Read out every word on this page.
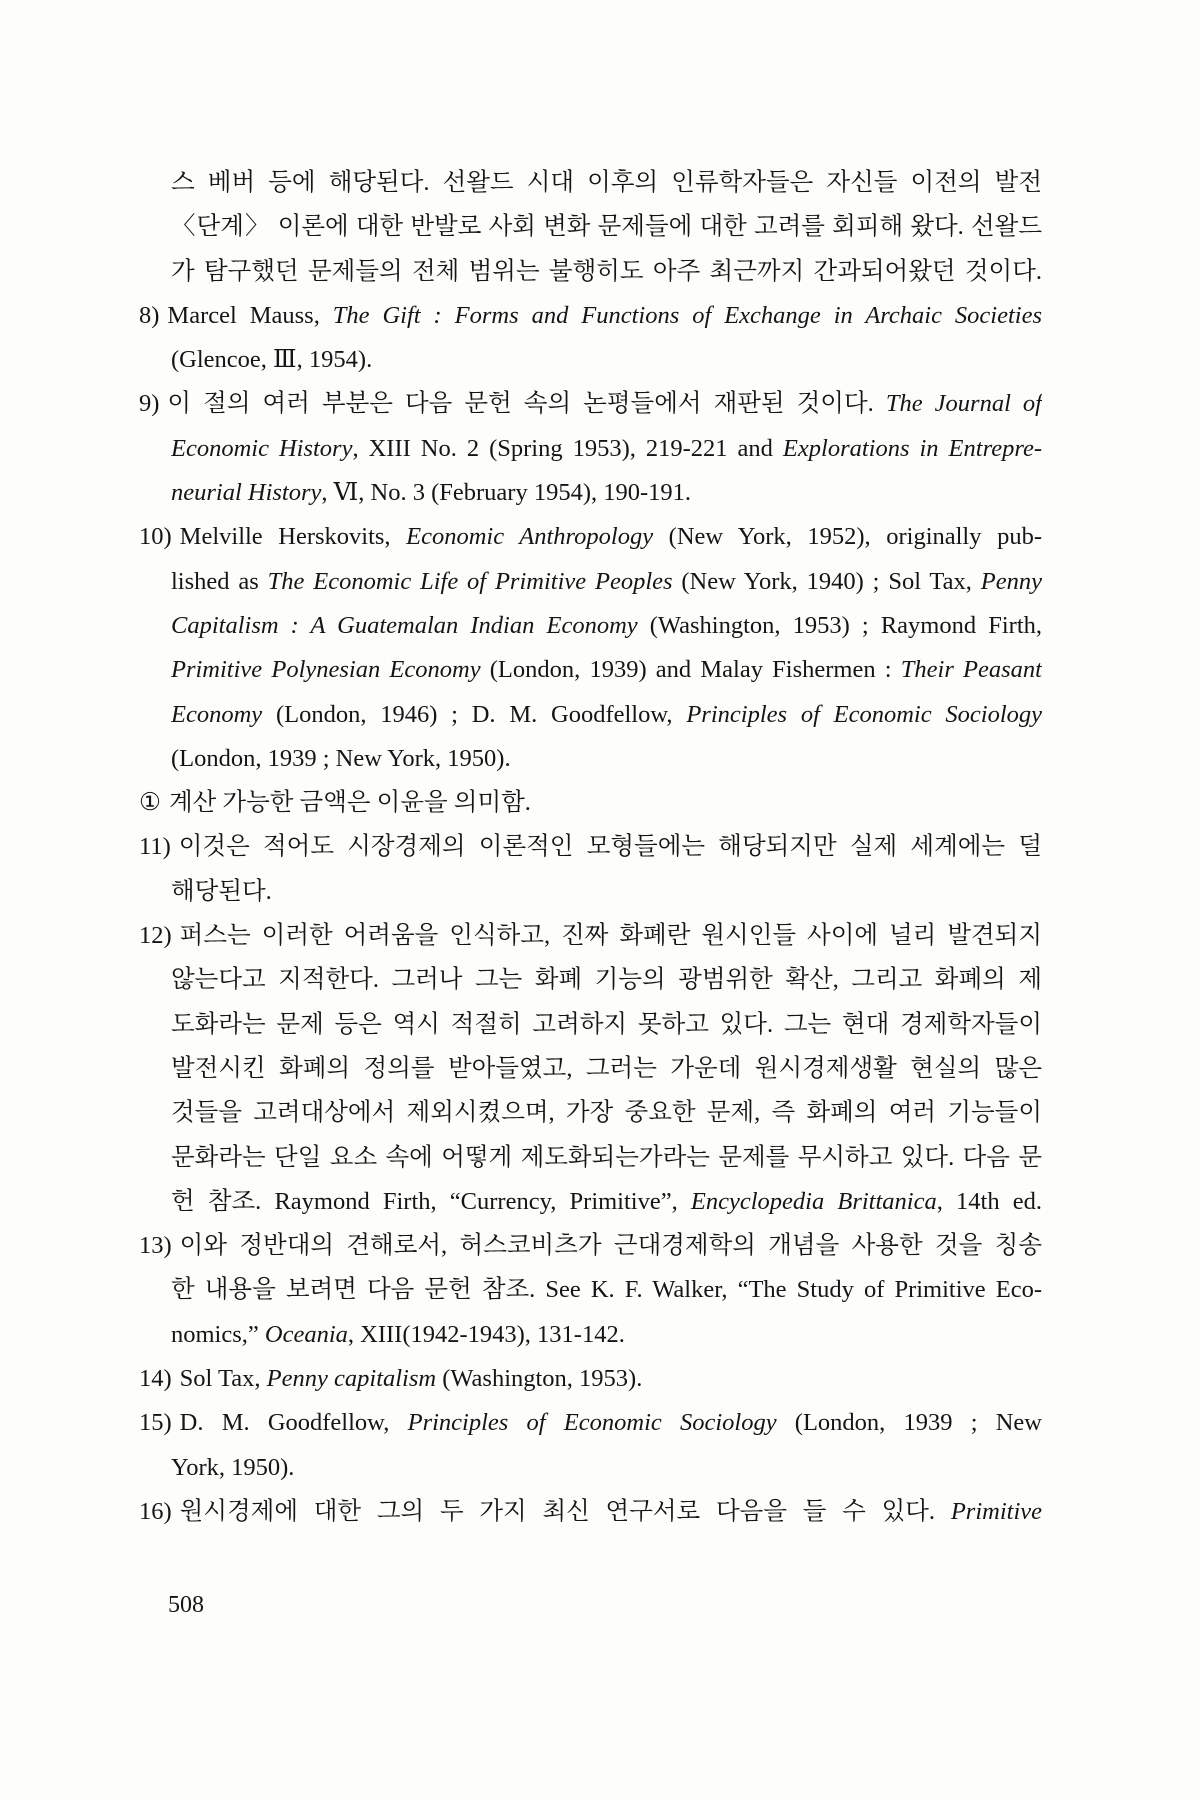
스 베버 등에 해당된다. 선왈드 시대 이후의 인류학자들은 자신들 이전의 발전
〈단계〉 이론에 대한 반발로 사회 변화 문제들에 대한 고려를 회피해 왔다. 선왈드
가 탐구했던 문제들의 전체 범위는 불행히도 아주 최근까지 간과되어왔던 것이다.
8) Marcel Mauss, The Gift : Forms and Functions of Exchange in Archaic Societies
(Glencoe, Ⅲ, 1954).
9) 이 절의 여러 부분은 다음 문헌 속의 논평들에서 재판된 것이다. The Journal of
Economic History, XIII No. 2 (Spring 1953), 219-221 and Explorations in Entrepre-
neurial History, Ⅵ, No. 3 (February 1954), 190-191.
10) Melville Herskovits, Economic Anthropology (New York, 1952), originally pub-
lished as The Economic Life of Primitive Peoples (New York, 1940) ; Sol Tax, Penny
Capitalism : A Guatemalan Indian Economy (Washington, 1953) ; Raymond Firth,
Primitive Polynesian Economy (London, 1939) and Malay Fishermen : Their Peasant
Economy (London, 1946) ; D. M. Goodfellow, Principles of Economic Sociology
(London, 1939 ; New York, 1950).
① 계산 가능한 금액은 이윤을 의미함.
11) 이것은 적어도 시장경제의 이론적인 모형들에는 해당되지만 실제 세계에는 덜
해당된다.
12) 퍼스는 이러한 어려움을 인식하고, 진짜 화폐란 원시인들 사이에 널리 발견되지
않는다고 지적한다. 그러나 그는 화폐 기능의 광범위한 확산, 그리고 화폐의 제
도화라는 문제 등은 역시 적절히 고려하지 못하고 있다. 그는 현대 경제학자들이
발전시킨 화폐의 정의를 받아들였고, 그러는 가운데 원시경제생활 현실의 많은
것들을 고려대상에서 제외시켰으며, 가장 중요한 문제, 즉 화폐의 여러 기능들이
문화라는 단일 요소 속에 어떻게 제도화되는가라는 문제를 무시하고 있다. 다음 문
헌 참조. Raymond Firth, “Currency, Primitive”, Encyclopedia Brittanica, 14th ed.
13) 이와 정반대의 견해로서, 허스코비츠가 근대경제학의 개념을 사용한 것을 칭송
한 내용을 보려면 다음 문헌 참조. See K. F. Walker, “The Study of Primitive Eco-
nomics,” Oceania, XIII(1942-1943), 131-142.
14) Sol Tax, Penny capitalism (Washington, 1953).
15) D. M. Goodfellow, Principles of Economic Sociology (London, 1939 ; New
York, 1950).
16) 원시경제에 대한 그의 두 가지 최신 연구서로 다음을 들 수 있다. Primitive
508
